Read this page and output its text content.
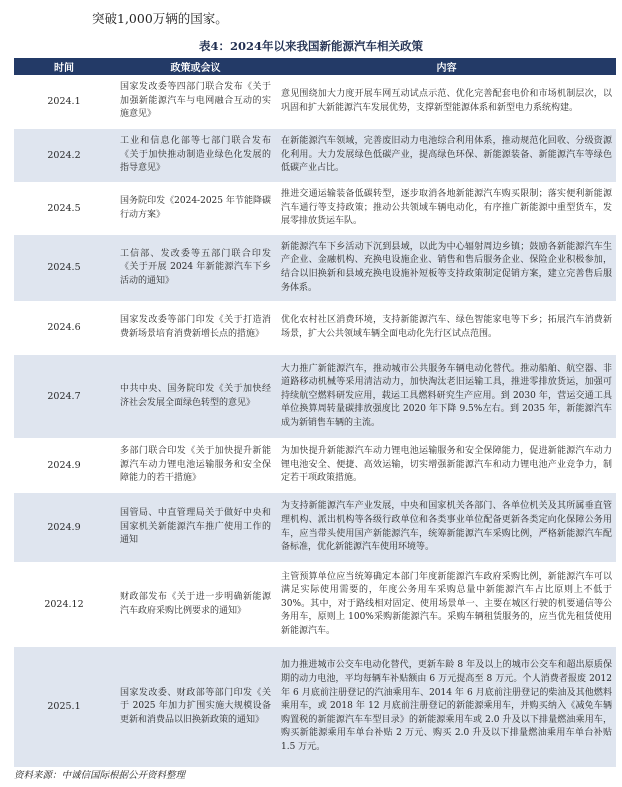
突破1,000万辆的国家。
表4：2024年以来我国新能源汽车相关政策
时间	政策或会议	内容
2024.1
国家发改委等四部门联合发布《关于加强新能源汽车与电网融合互动的实施意见》
意见围绕加大力度开展车网互动试点示范、优化完善配套电价和市场机制层次，以巩固和扩大新能源汽车发展优势，支撑新型能源体系和新型电力系统构建。
2024.2
工业和信息化部等七部门联合发布《关于加快推动制造业绿色化发展的指导意见》
在新能源汽车领域，完善废旧动力电池综合利用体系，推动规范化回收、分级资源化利用。大力发展绿色低碳产业，提高绿色环保、新能源装备、新能源汽车等绿色低碳产业占比。
2024.5
国务院印发《2024-2025 年节能降碳行动方案》
推进交通运输装备低碳转型，逐步取消各地新能源汽车购买限制；落实便利新能源汽车通行等支持政策；推动公共领域车辆电动化，有序推广新能源中重型货车，发展零排放货运车队。
2024.5
工信部、发改委等五部门联合印发《关于开展 2024 年新能源汽车下乡活动的通知》
新能源汽车下乡活动下沉到县域，以此为中心辐射周边乡镇；鼓励各新能源汽车生产企业、金融机构、充换电设施企业、销售和售后服务企业、保险企业积极参加，结合以旧换新和县域充换电设施补短板等支持政策制定促销方案，建立完善售后服务体系。
2024.6
国家发改委等部门印发《关于打造消费新场景培育消费新增长点的措施》
优化农村社区消费环境，支持新能源汽车、绿色智能家电等下乡；拓展汽车消费新场景，扩大公共领域车辆全面电动化先行区试点范围。
2024.7
中共中央、国务院印发《关于加快经济社会发展全面绿色转型的意见》
大力推广新能源汽车，推动城市公共服务车辆电动化替代。推动船舶、航空器、非道路移动机械等采用清洁动力，加快淘汰老旧运输工具，推进零排放货运，加强可持续航空燃料研发应用，载运工具燃料研究生产应用。到 2030 年，营运交通工具单位换算周转量碳排放强度比 2020 年下降 9.5%左右。到 2035 年，新能源汽车成为新销售车辆的主流。
2024.9
多部门联合印发《关于加快提升新能源汽车动力锂电池运输服务和安全保障能力的若干措施》
为加快提升新能源汽车动力锂电池运输服务和安全保障能力，促进新能源汽车动力锂电池安全、便捷、高效运输，切实增强新能源汽车和动力锂电池产业竞争力，制定若干项政策措施。
2024.9
国管局、中直管理局关于做好中央和国家机关新能源汽车推广使用工作的通知
为支持新能源汽车产业发展，中央和国家机关各部门、各单位机关及其所属垂直管理机构、派出机构等各级行政单位和各类事业单位配备更新各类定向化保障公务用车，应当带头使用国产新能源汽车，统筹新能源汽车采购比例，严格新能源汽车配备标准，优化新能源汽车使用环境等。
2024.12
财政部发布《关于进一步明确新能源汽车政府采购比例要求的通知》
主管预算单位应当统筹确定本部门年度新能源汽车政府采购比例，新能源汽车可以满足实际使用需要的，年度公务用车采购总量中新能源汽车占比原则上不低于 30%。其中，对于路线相对固定、使用场景单一、主要在城区行驶的机要通信等公务用车，原则上 100%采购新能源汽车。采购车辆租赁服务的，应当优先租赁使用新能源汽车。
2025.1
国家发改委、财政部等部门印发《关于 2025 年加力扩围实施大规模设备更新和消费品以旧换新政策的通知》
加力推进城市公交车电动化替代，更新车龄 8 年及以上的城市公交车和超出原质保期的动力电池，平均每辆车补贴额由 6 万元提高至 8 万元。个人消费者报废 2012 年 6 月底前注册登记的汽油乘用车、2014 年 6 月底前注册登记的柴油及其他燃料乘用车，或 2018 年 12 月底前注册登记的新能源乘用车，并购买纳入《减免车辆购置税的新能源汽车车型目录》的新能源乘用车或 2.0 升及以下排量燃油乘用车，购买新能源乘用车单台补贴 2 万元、购买 2.0 升及以下排量燃油乘用车单台补贴 1.5 万元。
资料来源：中诚信国际根据公开资料整理
